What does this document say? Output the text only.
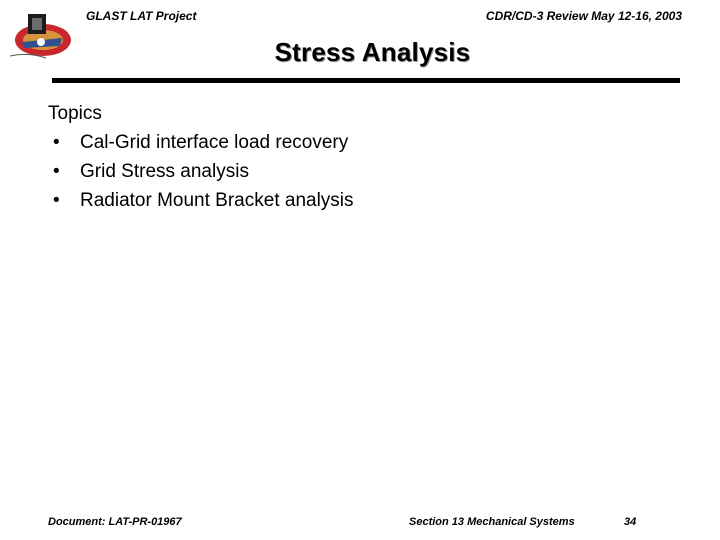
GLAST LAT Project	CDR/CD-3 Review May 12-16, 2003
Stress Analysis
Topics
•	Cal-Grid interface load recovery
•	Grid Stress analysis
•	Radiator Mount Bracket analysis
Document: LAT-PR-01967	Section 13 Mechanical Systems	34
